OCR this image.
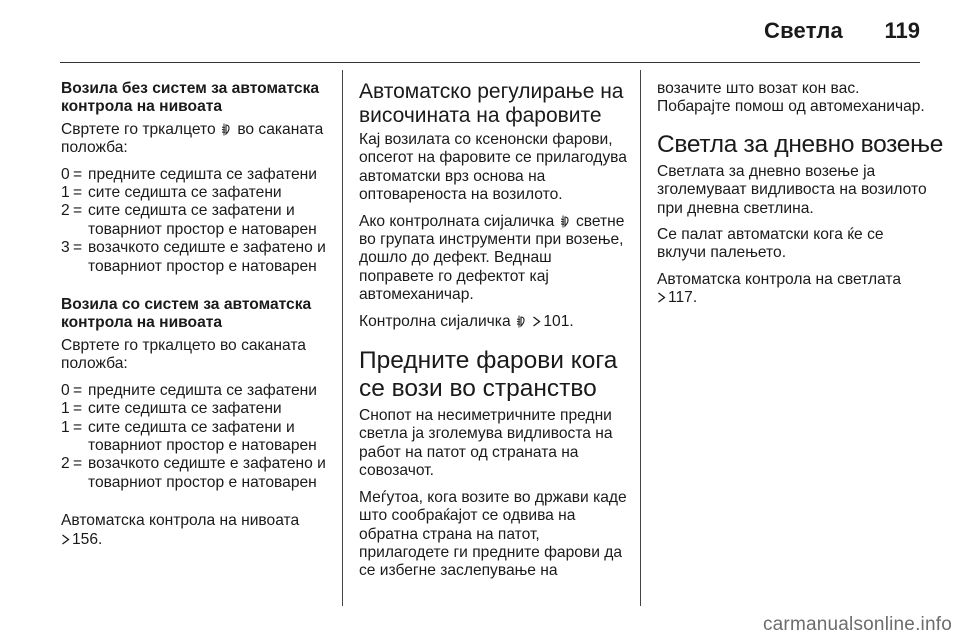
Светла 119

Возила без систем за автоматска контрола на нивоата

Свртете го тркалцето во саканата положба:

0 = предните седишта се зафатени
1 = сите седишта се зафатени
2 = сите седишта се зафатени и товарниот простор е натоварен
3 = возачкото седиште е зафатено и товарниот простор е натоварен

Возила со систем за автоматска контрола на нивоата

Свртете го тркалцето во саканата положба:

0 = предните седишта се зафатени
1 = сите седишта се зафатени
1 = сите седишта се зафатени и товарниот простор е натоварен
2 = возачкото седиште е зафатено и товарниот простор е натоварен

Автоматска контрола на нивоата

156.

Автоматско регулирање на височината на фаровите

Кај возилата со ксенонски фарови, опсегот на фаровите се прилагодува автоматски врз основа на оптовареноста на возилото.

Ако контролната сијаличка светне во групата инструменти при возење, дошло до дефект. Веднаш поправете го дефектот кај автомеханичар.

Контролна сијаличка
101.

Предните фарови кога се вози во странство

Снопот на несиметричните предни светла ја зголемува видливоста на работ на патот од страната на совозачот.

Меѓутоа, кога возите во држави каде што сообраќајот се одвива на обратна страна на патот, прилагодете ги предните фарови да се избегне заслепување на

возачите што возат кон вас. Побарајте помош од автомеханичар.

Светла за дневно возење

Светлата за дневно возење ја зголемуваат видливоста на возилото при дневна светлина.

Се палат автоматски кога ќе се вклучи палењето.

Автоматска контрола на светлата

117.

carmanualsonline.info
